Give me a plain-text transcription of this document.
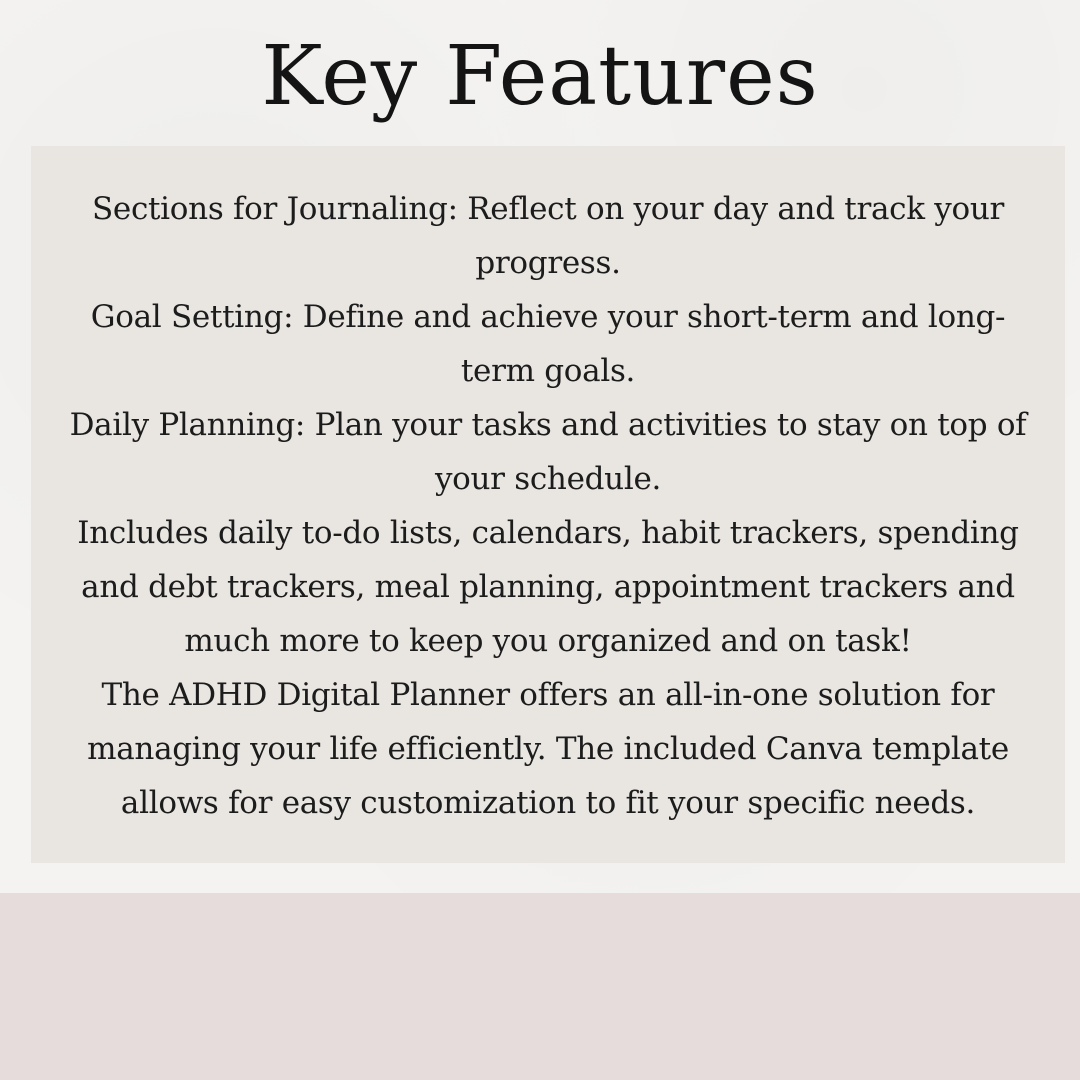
Key Features

Sections for Journaling: Reflect on your day and track your progress.

Goal Setting: Define and achieve your short-term and long-term goals.

Daily Planning: Plan your tasks and activities to stay on top of your schedule.

Includes daily to-do lists, calendars, habit trackers, spending and debt trackers, meal planning, appointment trackers and much more to keep you organized and on task!

The ADHD Digital Planner offers an all-in-one solution for managing your life efficiently. The included Canva template allows for easy customization to fit your specific needs.
